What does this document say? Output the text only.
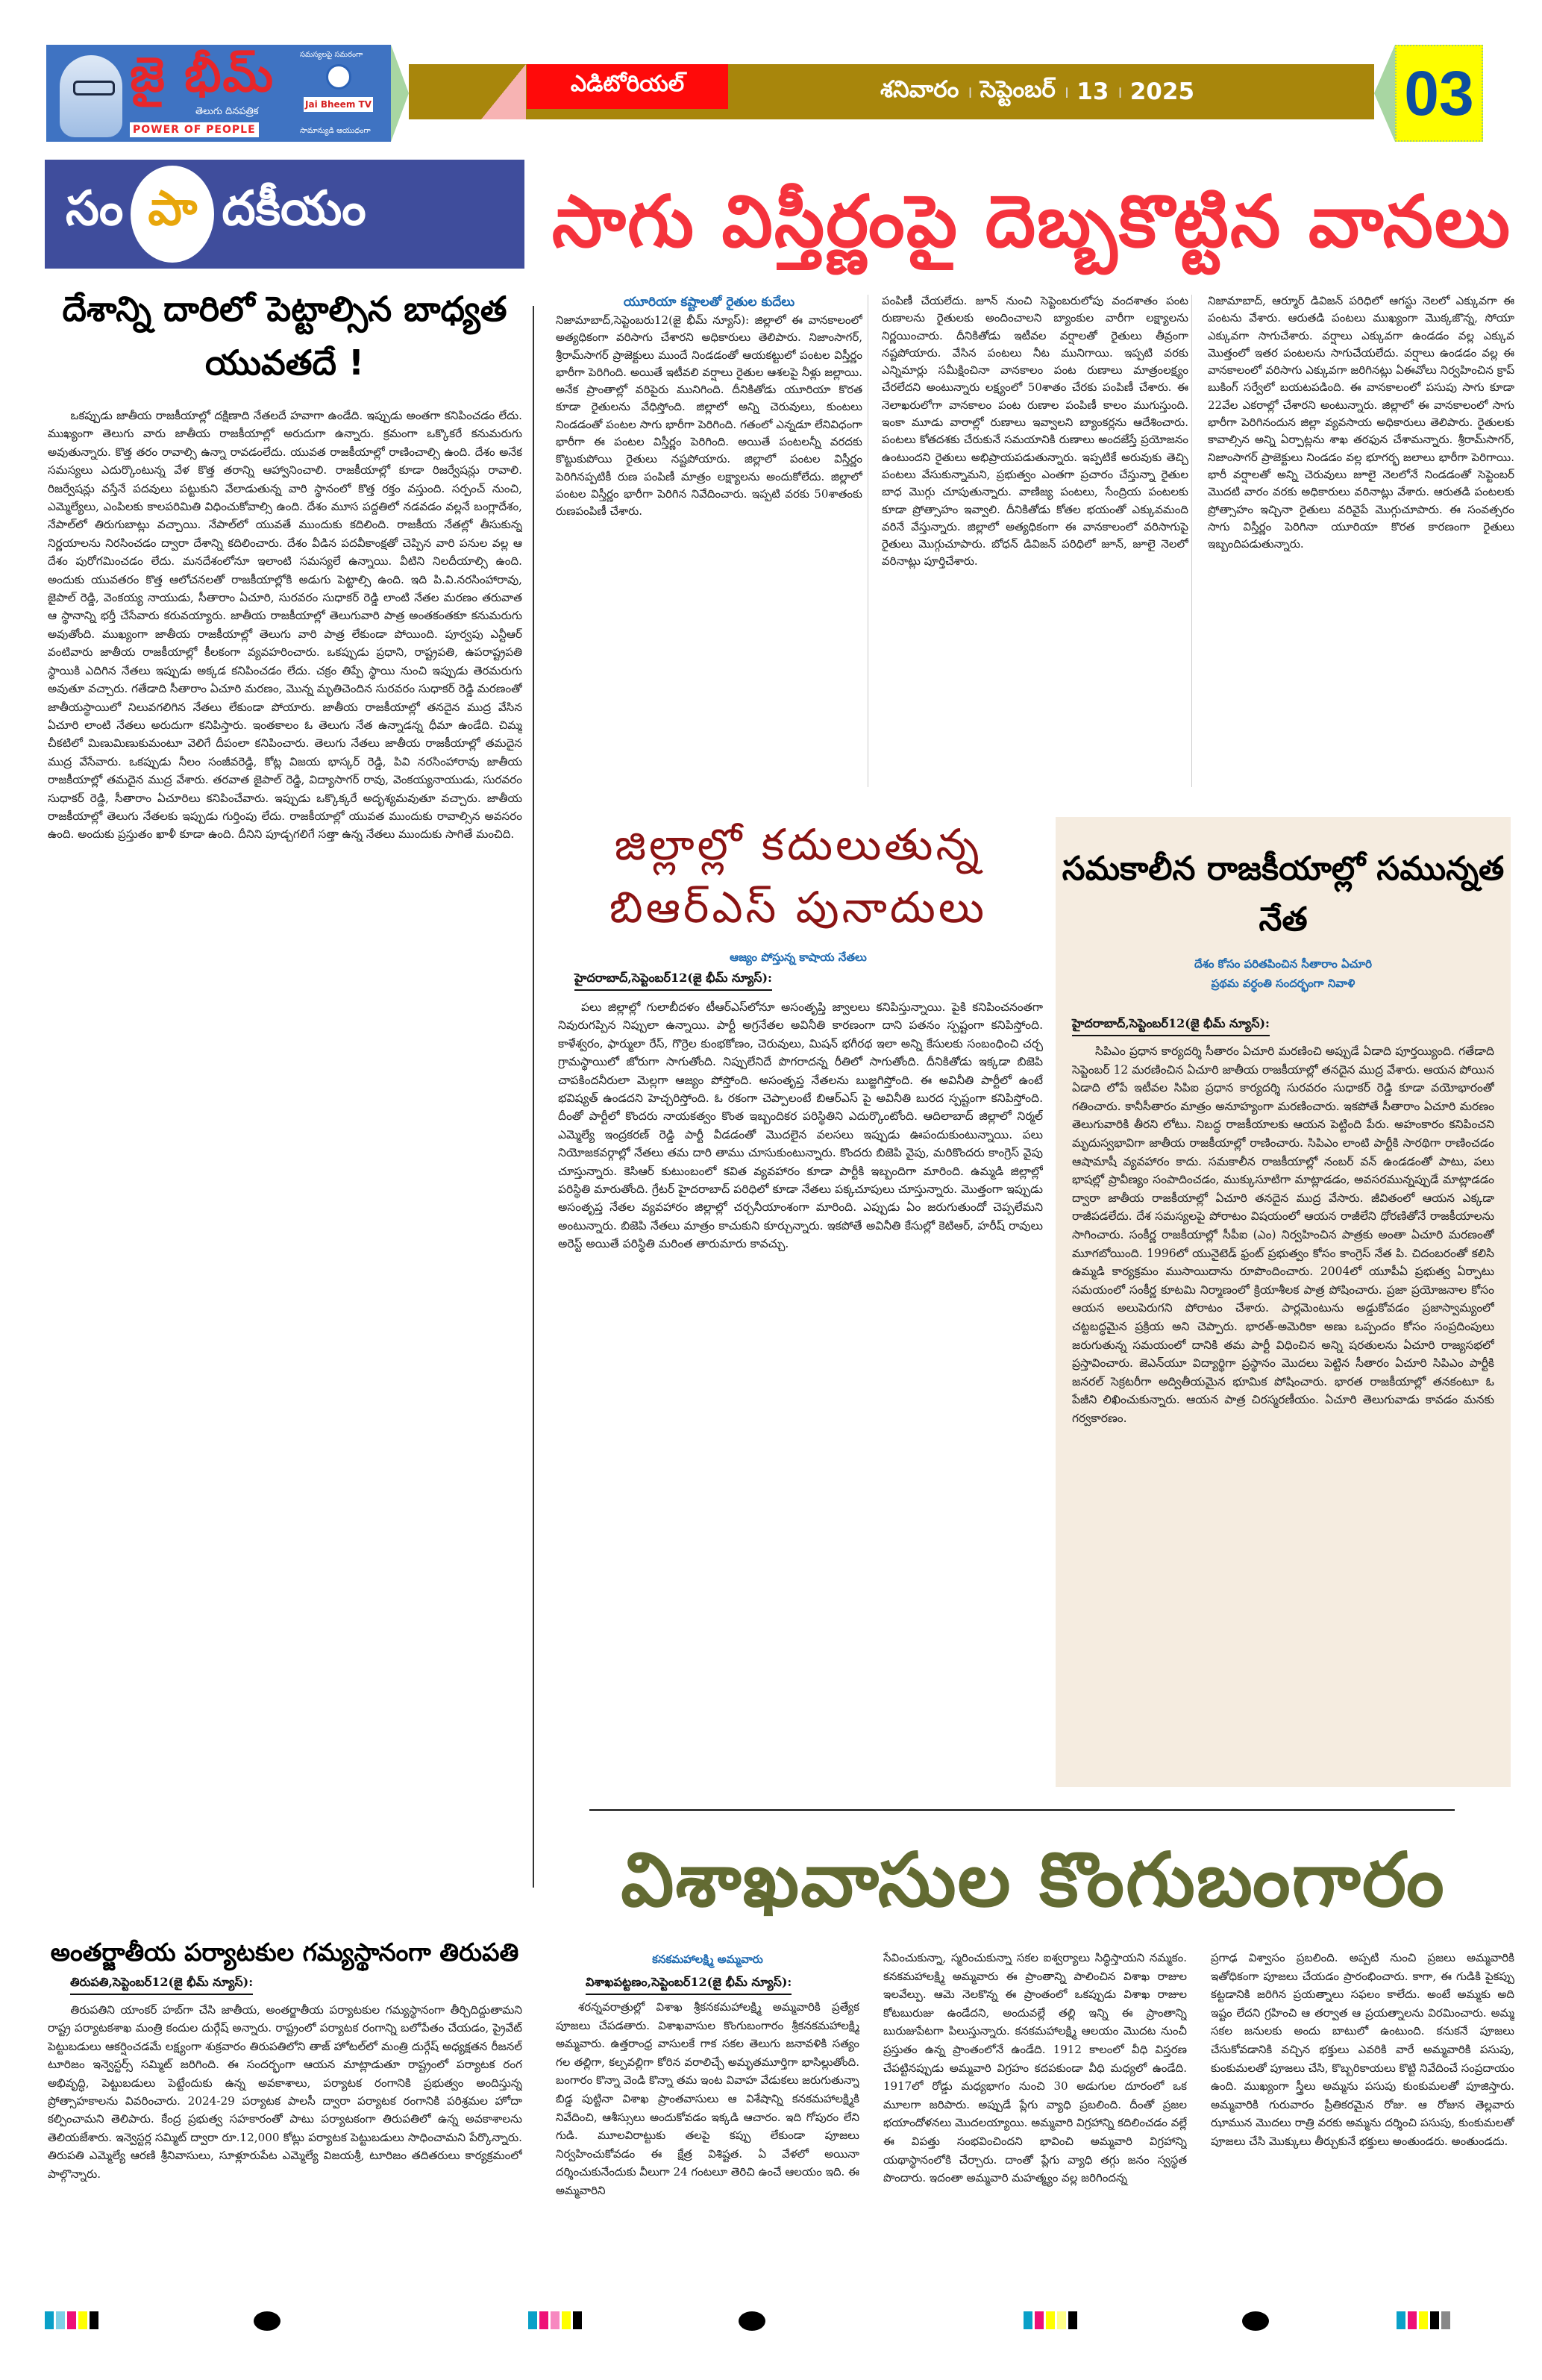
జై భీమ్
తెలుగు దినపత్రిక
POWER OF PEOPLE
సమస్యలపై సమరంగా
Jai Bheem TV
సామాన్యుడి ఆయుధంగా
ఎడిటోరియల్	శనివారం । సెప్టెంబర్ । 13 । 2025	03
సం పా దకీయం
దేశాన్ని దారిలో పెట్టాల్సిన బాధ్యత యువతదే !

ఒకప్పుడు జాతీయ రాజకీయాల్లో దక్షిణాది నేతలదే హవాగా ఉండేది. ఇప్పుడు అంతగా కనిపించడం లేదు. ముఖ్యంగా తెలుగు వారు జాతీయ రాజకీయాల్లో అరుదుగా ఉన్నారు. క్రమంగా ఒక్కొకరే కనుమరుగు అవుతున్నారు. కొత్త తరం రావాల్సి ఉన్నా రావడంలేదు. యువత రాజకీయాల్లో రాణించాల్సి ఉంది. దేశం అనేక సమస్యలు ఎదుర్కొంటున్న వేళ కొత్త తరాన్ని ఆహ్వానించాలి. రాజకీయాల్లో కూడా రిజర్వేషన్లు రావాలి. రిజర్వేషన్లు వస్తేనే పదవులు పట్టుకుని వేలాడుతున్న వారి స్థానంలో కొత్త రక్తం వస్తుంది. సర్పంచ్ నుంచి, ఎమ్మెల్యేలు, ఎంపిలకు కాలపరిమితి విధించుకోవాల్సి ఉంది. దేశం మూస పద్దతిలో నడవడం వల్లనే బంగ్లాదేశం, నేపాల్‌లో తిరుగుబాట్లు వచ్చాయి. నేపాల్‌లో యువతే ముందుకు కదిలింది. రాజకీయ నేతల్లో తీసుకున్న నిర్ణయాలను నిరసించడం ద్వారా దేశాన్ని కదిలించారు. దేశం వీడిన పదవీకాంక్షతో చెప్పిన వారి పనుల వల్ల ఆ దేశం పురోగమించడం లేదు. మనదేశంలోనూ ఇలాంటి సమస్యలే ఉన్నాయి. వీటిని నిలదీయాల్సి ఉంది. అందుకు యువతరం కొత్త ఆలోచనలతో రాజకీయాల్లోకి అడుగు పెట్టాల్సి ఉంది. ఇది పి.వి.నరసింహారావు, జైపాల్ రెడ్డి, వెంకయ్య నాయుడు, సీతారాం ఏచూరి, సురవరం సుధాకర్ రెడ్డి లాంటి నేతల మరణం తరువాత ఆ స్థానాన్ని భర్తీ చేసేవారు కరువయ్యారు. జాతీయ రాజకీయాల్లో తెలుగువారి పాత్ర అంతకంతకూ కనుమరుగు అవుతోంది. ముఖ్యంగా జాతీయ రాజకీయాల్లో తెలుగు వారి పాత్ర లేకుండా పోయింది. పూర్వపు ఎన్టీఆర్ వంటివారు జాతీయ రాజకీయాల్లో కీలకంగా వ్యవహరించారు. ఒకప్పుడు ప్రధాని, రాష్ట్రపతి, ఉపరాష్ట్రపతి స్థాయికి ఎదిగిన నేతలు ఇప్పుడు అక్కడ కనిపించడం లేదు. చక్రం తిప్పే స్థాయి నుంచి ఇప్పుడు తెరమరుగు అవుతూ వచ్చారు. గతేడాది సీతారాం ఏచూరి మరణం, మొన్న మృతిచెందిన సురవరం సుధాకర్ రెడ్డి మరణంతో జాతీయస్థాయిలో నిలువగలిగిన నేతలు లేకుండా పోయారు. జాతీయ రాజకీయాల్లో తనదైన ముద్ర వేసిన ఏచూరి లాంటి నేతలు అరుదుగా కనిపిస్తారు. ఇంతకాలం ఓ తెలుగు నేత ఉన్నాడన్న ధీమా ఉండేది. చిమ్మ చీకటిలో మిణుమిణుకుమంటూ వెలిగే దీపంలా కనిపించారు. తెలుగు నేతలు జాతీయ రాజకీయాల్లో తమదైన ముద్ర వేసేవారు. ఒకప్పుడు నీలం సంజీవరెడ్డి, కోట్ల విజయ భాస్కర్ రెడ్డి, పివి నరసింహారావు జాతీయ రాజకీయాల్లో తమదైన ముద్ర వేశారు. తరవాత జైపాల్ రెడ్డి, విద్యాసాగర్ రావు, వెంకయ్యనాయుడు, సురవరం సుధాకర్ రెడ్డి, సీతారాం ఏచూరిలు కనిపించేవారు. ఇప్పుడు ఒక్కొక్కరే అదృశ్యమవుతూ వచ్చారు. జాతీయ రాజకీయాల్లో తెలుగు నేతలకు ఇప్పుడు గుర్తింపు లేదు. రాజకీయాల్లో యువత ముందుకు రావాల్సిన అవసరం ఉంది. అందుకు ప్రస్తుతం ఖాళీ కూడా ఉంది. దీనిని పూడ్చగలిగే సత్తా ఉన్న నేతలు ముందుకు సాగితే మంచిది.

అంతర్జాతీయ పర్యాటకుల గమ్యస్థానంగా తిరుపతి
తిరుపతి,సెప్టెంబర్12(జై భీమ్ న్యూస్):

తిరుపతిని యాంకర్ హబ్‌గా చేసి జాతీయ, అంతర్జాతీయ పర్యాటకుల గమ్యస్థానంగా తీర్చిదిద్దుతామని రాష్ట్ర పర్యాటకశాఖ మంత్రి కందుల దుర్గేష్ అన్నారు. రాష్ట్రంలో పర్యాటక రంగాన్ని బలోపేతం చేయడం, ప్రైవేట్ పెట్టుబడులు ఆకర్షించడమే లక్ష్యంగా శుక్రవారం తిరుపతిలోని తాజ్ హోటల్‌లో మంత్రి దుర్గేష్ అధ్యక్షతన రీజనల్ టూరిజం ఇన్వెస్టర్స్ సమ్మిట్ జరిగింది. ఈ సందర్భంగా ఆయన మాట్లాడుతూ రాష్ట్రంలో పర్యాటక రంగ అభివృద్ధి, పెట్టుబడులు పెట్టేందుకు ఉన్న అవకాశాలు, పర్యాటక రంగానికి ప్రభుత్వం అందిస్తున్న ప్రోత్సాహకాలను వివరించారు. 2024-29 పర్యాటక పాలసీ ద్వారా పర్యాటక రంగానికి పరిశ్రమల హోదా కల్పించామని తెలిపారు. కేంద్ర ప్రభుత్వ సహకారంతో పాటు పర్యాటకంగా తిరుపతిలో ఉన్న అవకాశాలను తెలియజేశారు. ఇన్వెస్టర్ల సమ్మిట్ ద్వారా రూ.12,000 కోట్లు పర్యాటక పెట్టుబడులు సాధించామని పేర్కొన్నారు. తిరుపతి ఎమ్మెల్యే ఆరణి శ్రీనివాసులు, సూళ్లూరుపేట ఎమ్మెల్యే విజయశ్రీ, టూరిజం తదితరులు కార్యక్రమంలో పాల్గొన్నారు.

సాగు విస్తీర్ణంపై దెబ్బకొట్టిన వానలు
యూరియా కష్టాలతో రైతుల కుదేలు

నిజామాబాద్,సెప్టెంబరు12(జై భీమ్ న్యూస్): జిల్లాలో ఈ వానకాలంలో అత్యధికంగా వరిసాగు చేశారని అధికారులు తెలిపారు. నిజాంసాగర్, శ్రీరామ్‌సాగర్ ప్రాజెక్టులు ముందే నిండడంతో ఆయకట్టులో పంటల విస్తీర్ణం భారీగా పెరిగింది. అయితే ఇటీవలి వర్షాలు రైతుల ఆశలపై నీళ్లు జల్లాయి. అనేక ప్రాంతాల్లో వరిపైరు మునిగింది. దీనికితోడు యూరియా కొరత కూడా రైతులను వేధిస్తోంది. జిల్లాలో అన్ని చెరువులు, కుంటలు నిండడంతో పంటల సాగు భారీగా పెరిగింది. గతంలో ఎన్నడూ లేనివిధంగా భారీగా ఈ పంటల విస్తీర్ణం పెరిగింది. అయితే పంటలన్నీ వరదకు కొట్టుకుపోయి రైతులు నష్టపోయారు. జిల్లాలో పంటల విస్తీర్ణం పెరిగినప్పటికీ రుణ పంపిణీ మాత్రం లక్ష్యాలను అందుకోలేదు. జిల్లాలో పంటల విస్తీర్ణం భారీగా పెరిగిన నివేదించారు. ఇప్పటి వరకు 50శాతంకు రుణపంపిణీ చేశారు.

పంపిణీ చేయలేదు. జూన్ నుంచి సెప్టెంబరులోపు వందశాతం పంట రుణాలను రైతులకు అందించాలని బ్యాంకుల వారీగా లక్ష్యాలను నిర్ణయించారు. దీనికితోడు ఇటీవల వర్షాలతో రైతులు తీవ్రంగా నష్టపోయారు. వేసిన పంటలు నీట మునిగాయి. ఇప్పటి వరకు ఎన్నిమార్లు సమీక్షించినా వానకాలం పంట రుణాలు మాత్రంలక్ష్యం చేరలేదని అంటున్నారు లక్ష్యంలో 50శాతం చేరకు పంపిణీ చేశారు. ఈ నెలాఖరులోగా వానకాలం పంట రుణాల పంపిణీ కాలం ముగుస్తుంది. ఇంకా మూడు వారాల్లో రుణాలు ఇవ్వాలని బ్యాంకర్లను ఆదేశించారు. పంటలు కోతదశకు చేరుకునే సమయానికి రుణాలు అందజేస్తే ప్రయోజనం ఉంటుందని రైతులు అభిప్రాయపడుతున్నారు. ఇప్పటికే అరువుకు తెచ్చి పంటలు వేసుకున్నామని, ప్రభుత్వం ఎంతగా ప్రచారం చేస్తున్నా రైతుల బాధ మొగ్గు చూపుతున్నారు. వాణిజ్య పంటలు, సేంద్రియ పంటలకు కూడా ప్రోత్సాహం ఇవ్వాలి. దీనికితోడు కోతల భయంతో ఎక్కువమంది వరినే వేస్తున్నారు. జిల్లాలో అత్యధికంగా ఈ వానకాలంలో వరిసాగుపై రైతులు మొగ్గుచూపారు. బోధన్ డివిజన్ పరిధిలో జూన్, జూలై నెలలో వరినాట్లు పూర్తిచేశారు.

నిజామాబాద్, ఆర్మూర్ డివిజన్ పరిధిలో ఆగస్టు నెలలో ఎక్కువగా ఈ పంటను వేశారు. ఆరుతడి పంటలు ముఖ్యంగా మొక్కజొన్న, సోయా ఎక్కువగా సాగుచేశారు. వర్షాలు ఎక్కువగా ఉండడం వల్ల ఎక్కువ మొత్తంలో ఇతర పంటలను సాగుచేయలేదు. వర్షాలు ఉండడం వల్ల ఈ వానకాలంలో వరిసాగు ఎక్కువగా జరిగినట్లు ఏఈవోలు నిర్వహించిన క్రాప్ బుకింగ్ సర్వేలో బయటపడింది. ఈ వానకాలంలో పసుపు సాగు కూడా 22వేల ఎకరాల్లో చేశారని అంటున్నారు. జిల్లాలో ఈ వానకాలంలో సాగు భారీగా పెరిగినందున జిల్లా వ్యవసాయ అధికారులు తెలిపారు. రైతులకు కావాల్సిన అన్ని ఏర్పాట్లను శాఖ తరఫున చేశామన్నారు. శ్రీరామ్‌సాగర్, నిజాంసాగర్ ప్రాజెక్టులు నిండడం వల్ల భూగర్భ జలాలు భారీగా పెరిగాయి. భారీ వర్షాలతో అన్ని చెరువులు జూలై నెలలోనే నిండడంతో సెప్టెంబర్ మొదటి వారం వరకు అధికారులు వరినాట్లు వేశారు. ఆరుతడి పంటలకు ప్రోత్సాహం ఇచ్చినా రైతులు వరివైపే మొగ్గుచూపారు. ఈ సంవత్సరం సాగు విస్తీర్ణం పెరిగినా యూరియా కొరత కారణంగా రైతులు ఇబ్బందిపడుతున్నారు.

జిల్లాల్లో కదులుతున్న బిఆర్‌ఎస్ పునాదులు
ఆజ్యం పోస్తున్న కాషాయ నేతలు
హైదరాబాద్,సెప్టెంబర్12(జై భీమ్ న్యూస్):

పలు జిల్లాల్లో గులాబీదళం టీఆర్‌ఎస్‌లోనూ అసంతృప్తి జ్వాలలు కనిపిస్తున్నాయి. పైకి కనిపించనంతగా నివురుగప్పిన నిప్పులా ఉన్నాయి. పార్టీ అగ్రనేతల అవినీతి కారణంగా దాని పతనం స్పష్టంగా కనిపిస్తోంది. కాళేశ్వరం, ఫార్ములా రేస్, గొర్రెల కుంభకోణం, చెరువులు, మిషన్ భగీరథ ఇలా అన్ని కేసులకు సంబంధించి చర్చ గ్రామస్థాయిలో జోరుగా సాగుతోంది. నిప్పులేనిదే పొగరాదన్న రీతిలో సాగుతోంది. దీనికితోడు ఇక్కడా బిజెపి చాపకిందనీరులా మెల్లగా ఆజ్యం పోస్తోంది. అసంతృప్త నేతలను బుజ్జగిస్తోంది. ఈ అవినీతి పార్టీలో ఉంటే భవిష్యత్ ఉండదని హెచ్చరిస్తోంది. ఓ రకంగా చెప్పాలంటే బిఆర్‌ఎస్‌ పై అవినీతి బురద స్పష్టంగా కనిపిస్తోంది. దీంతో పార్టీలో కొందరు నాయకత్వం కొంత ఇబ్బందికర పరిస్థితిని ఎదుర్కొంటోంది. ఆదిలాబాద్ జిల్లాలో నిర్మల్ ఎమ్మెల్యే ఇంద్రకరణ్ రెడ్డి పార్టీ వీడడంతో మొదలైన వలసలు ఇప్పుడు ఊపందుకుంటున్నాయి. పలు నియోజకవర్గాల్లో నేతలు తమ దారి తాము చూసుకుంటున్నారు. కొందరు బిజెపి వైపు, మరికొందరు కాంగ్రెస్ వైపు చూస్తున్నారు. కెసిఆర్ కుటుంబంలో కవిత వ్యవహారం కూడా పార్టీకి ఇబ్బందిగా మారింది. ఉమ్మడి జిల్లాల్లో పరిస్థితి మారుతోంది. గ్రేటర్ హైదరాబాద్ పరిధిలో కూడా నేతలు పక్కచూపులు చూస్తున్నారు. మొత్తంగా ఇప్పుడు అసంతృప్త నేతల వ్యవహారం జిల్లాల్లో చర్చనీయాంశంగా మారింది. ఎప్పుడు ఏం జరుగుతుందో చెప్పలేమని అంటున్నారు. బిజెపి నేతలు మాత్రం కాచుకుని కూర్చున్నారు. ఇకపోతే అవినీతి కేసుల్లో కెటిఆర్, హరీష్ రావులు అరెస్ట్ అయితే పరిస్థితి మరింత తారుమారు కావచ్చు.

సమకాలీన రాజకీయాల్లో సమున్నత నేత
దేశం కోసం పరితపించిన సీతారాం ఏచూరి
ప్రథమ వర్ధంతి సందర్భంగా నివాళి
హైదరాబాద్,సెప్టెంబర్12(జై భీమ్ న్యూస్):

సిపిఎం ప్రధాన కార్యదర్శి సీతారం ఏచూరి మరణించి అప్పుడే ఏడాది పూర్తయ్యింది. గతేడాది సెప్టెంబర్ 12 మరణించిన ఏచూరి జాతీయ రాజకీయాల్లో తనదైన ముద్ర వేశారు. ఆయన పోయిన ఏడాది లోపే ఇటీవల సిపిఐ ప్రధాన కార్యదర్శి సురవరం సుధాకర్ రెడ్డి కూడా వయోభారంతో గతించారు. కానీసీతారం మాత్రం అనూహ్యంగా మరణించారు. ఇకపోతే సీతారాం ఏచూరి మరణం తెలుగువారికి తీరని లోటు. నిబద్ధ రాజకీయాలకు ఆయన పెట్టింది పేరు. అహంకారం కనిపించని మృదుస్వభావిగా జాతీయ రాజకీయాల్లో రాణించారు. సిపిఎం లాంటి పార్టీకి సారథిగా రాణించడం ఆషామాషీ వ్యవహారం కాదు. సమకాలీన రాజకీయాల్లో నంబర్ వన్ ఉండడంతో పాటు, పలు భాషల్లో ప్రావీణ్యం సంపాదించడం, ముక్కుసూటిగా మాట్లాడడం, అవసరమున్నప్పుడే మాట్లాడడం ద్వారా జాతీయ రాజకీయాల్లో ఏచూరి తనదైన ముద్ర వేసారు. జీవితంలో ఆయన ఎక్కడా రాజీపడలేదు. దేశ సమస్యలపై పోరాటం విషయంలో ఆయన రాజీలేని ధోరణితోనే రాజకీయాలను సాగించారు. సంకీర్ణ రాజకీయాల్లో సీపీఐ (ఎం) నిర్వహించిన పాత్రకు అంతా ఏచూరి మరణంతో మూగబోయింది. 1996లో యునైటెడ్ ఫ్రంట్ ప్రభుత్వం కోసం కాంగ్రెస్ నేత పి. చిదంబరంతో కలిసి ఉమ్మడి కార్యక్రమం ముసాయిదాను రూపొందించారు. 2004లో యూపీఏ ప్రభుత్వ ఏర్పాటు సమయంలో సంకీర్ణ కూటమి నిర్మాణంలో క్రియాశీలక పాత్ర పోషించారు. ప్రజా ప్రయోజనాల కోసం ఆయన అలుపెరుగని పోరాటం చేశారు. పార్లమెంటును అడ్డుకోవడం ప్రజాస్వామ్యంలో చట్టబద్ధమైన ప్రక్రియ అని చెప్పారు. భారత్-అమెరికా అణు ఒప్పందం కోసం సంప్రదింపులు జరుగుతున్న సమయంలో దానికి తమ పార్టీ విధించిన అన్ని షరతులను ఏచూరి రాజ్యసభలో ప్రస్తావించారు. జెఎన్‌యూ విద్యార్థిగా ప్రస్థానం మొదలు పెట్టిన సీతారం ఏచూరి సిపిఎం పార్టీకి జనరల్ సెక్రటరీగా అద్వితీయమైన భూమిక పోషించారు. భారత రాజకీయాల్లో తనకంటూ ఓ పేజీని లిఖించుకున్నారు. ఆయన పాత్ర చిరస్మరణీయం. ఏచూరి తెలుగువాడు కావడం మనకు గర్వకారణం.

విశాఖవాసుల కొంగుబంగారం
కనకమహాలక్ష్మి అమ్మవారు
విశాఖపట్టణం,సెప్టెంబర్12(జై భీమ్ న్యూస్):

శరన్నవరాత్రుల్లో విశాఖ శ్రీకనకమహాలక్ష్మి అమ్మవారికి ప్రత్యేక పూజలు చేపడతారు. విశాఖవాసుల కొంగుబంగారం శ్రీకనకమహాలక్ష్మి అమ్మవారు. ఉత్తరాంధ్ర వాసులకే గాక సకల తెలుగు జనావళికి సత్యం గల తల్లిగా, కల్పవల్లిగా కోరిన వరాలిచ్చే అమృతమూర్తిగా భాసిల్లుతోంది. బంగారం కొన్నా వెండి కొన్నా తమ ఇంట వివాహ వేడుకలు జరుగుతున్నా బిడ్డ పుట్టినా విశాఖ ప్రాంతవాసులు ఆ విశేషాన్ని కనకమహాలక్ష్మికి నివేదించి, ఆశీస్సులు అందుకోవడం ఇక్కడి ఆచారం. ఇది గోపురం లేని గుడి. మూలవిరాట్టుకు తలపై కప్పు లేకుండా పూజలు నిర్వహించుకోవడం ఈ క్షేత్ర విశిష్టత. ఏ వేళలో అయినా దర్శించుకునేందుకు వీలుగా 24 గంటలూ తెరిచి ఉంచే ఆలయం ఇది. ఈ అమ్మవారిని

సేవించుకున్నా, స్మరించుకున్నా సకల ఐశ్వర్యాలు సిద్ధిస్తాయని నమ్మకం. కనకమహాలక్ష్మి అమ్మవారు ఈ ప్రాంతాన్ని పాలించిన విశాఖ రాజుల ఇలవేల్పు. ఆమె నెలకొన్న ఈ ప్రాంతంలో ఒకప్పుడు విశాఖ రాజుల కోటబురుజు ఉండేదని, అందువల్లే తల్లి ఇన్ని ఈ ప్రాంతాన్ని బురుజుపేటగా పిలుస్తున్నారు. కనకమహాలక్ష్మి ఆలయం మొదట నుంచీ ప్రస్తుతం ఉన్న ప్రాంతంలోనే ఉండేది. 1912 కాలంలో వీధి విస్తరణ చేపట్టినప్పుడు అమ్మవారి విగ్రహం కదపకుండా వీధి మధ్యలో ఉండేది. 1917లో రోడ్డు మధ్యభాగం నుంచి 30 అడుగుల దూరంలో ఒక మూలగా జరిపారు. అప్పుడే ప్లేగు వ్యాధి ప్రబలింది. దీంతో ప్రజల భయాందోళనలు మొదలయ్యాయి. అమ్మవారి విగ్రహాన్ని కదిలించడం వల్లే ఈ విపత్తు సంభవించిందని భావించి అమ్మవారి విగ్రహాన్ని యథాస్థానంలోకి చేర్చారు. దాంతో ప్లేగు వ్యాధి తగ్గు జనం స్వస్థత పొందారు. ఇదంతా అమ్మవారి మహత్మ్యం వల్ల జరిగిందన్న

ప్రగాఢ విశ్వాసం ప్రబలింది. అప్పటి నుంచి ప్రజలు అమ్మవారికి ఇతోధికంగా పూజలు చేయడం ప్రారంభించారు. కాగా, ఈ గుడికి పైకప్పు కట్టడానికి జరిగిన ప్రయత్నాలు సఫలం కాలేదు. అంటే అమ్మకు అది ఇష్టం లేదని గ్రహించి ఆ తర్వాత ఆ ప్రయత్నాలను విరమించారు. అమ్మ సకల జనులకు అందు బాటులో ఉంటుంది. కనుకనే పూజలు చేసుకోవడానికి వచ్చిన భక్తులు ఎవరికి వారే అమ్మవారికి పసుపు, కుంకుమలతో పూజలు చేసి, కొబ్బరికాయలు కొట్టి నివేదించే సంప్రదాయం ఉంది. ముఖ్యంగా స్త్రీలు అమ్మను పసుపు కుంకుమలతో పూజిస్తారు. అమ్మవారికి గురువారం ప్రీతికరమైన రోజు. ఆ రోజున తెల్లవారు ఝామున మొదలు రాత్రి వరకు అమ్మను దర్శించి పసుపు, కుంకుమలతో పూజలు చేసి మొక్కులు తీర్చుకునే భక్తులు అంతుండరు. అంతుండదు.
